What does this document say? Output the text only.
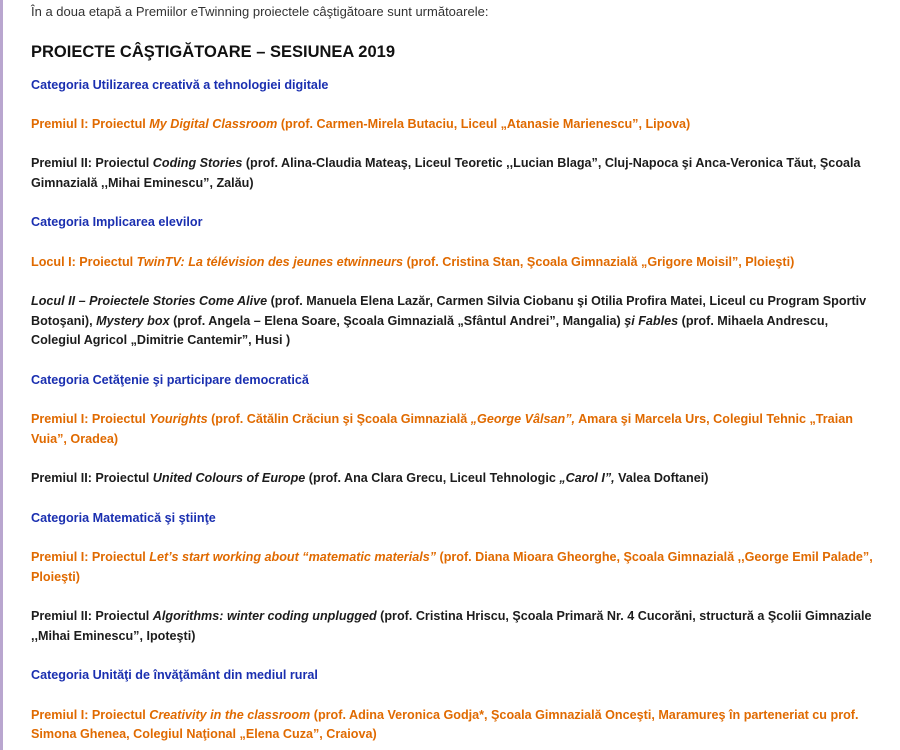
În a doua etapă a Premiilor eTwinning proiectele câştigătoare sunt următoarele:

PROIECTE CÂŞTIGĂTOARE – SESIUNEA 2019

Categoria Utilizarea creativă a tehnologiei digitale

Premiul I: Proiectul My Digital Classroom (prof. Carmen-Mirela Butaciu, Liceul „Atanasie Marienescu”, Lipova)

Premiul II: Proiectul Coding Stories (prof. Alina-Claudia Mateaş, Liceul Teoretic ,,Lucian Blaga”, Cluj-Napoca şi Anca-Veronica Tăut, Şcoala Gimnazială ,,Mihai Eminescu”, Zalău)

Categoria Implicarea elevilor

Locul I: Proiectul TwinTV: La télévision des jeunes etwinneurs (prof. Cristina Stan, Şcoala Gimnazială „Grigore Moisil”, Ploieşti)

Locul II – Proiectele Stories Come Alive (prof. Manuela Elena Lazăr, Carmen Silvia Ciobanu şi Otilia Profira Matei, Liceul cu Program Sportiv Botoşani), Mystery box (prof. Angela – Elena Soare, Şcoala Gimnazială „Sfântul Andrei”, Mangalia) şi Fables (prof. Mihaela Andrescu, Colegiul Agricol „Dimitrie Cantemir”, Husi )

Categoria Cetăţenie şi participare democratică

Premiul I: Proiectul Yourights (prof. Cătălin Crăciun şi Şcoala Gimnazială „George Vâlsan”, Amara şi Marcela Urs, Colegiul Tehnic „Traian Vuia”, Oradea)

Premiul II: Proiectul United Colours of Europe (prof. Ana Clara Grecu, Liceul Tehnologic „Carol I”, Valea Doftanei)

Categoria Matematică şi ştiinţe

Premiul I: Proiectul Let’s start working about “matematic materials” (prof. Diana Mioara Gheorghe, Şcoala Gimnazială ,,George Emil Palade”, Ploieşti)

Premiul II: Proiectul Algorithms: winter coding unplugged (prof. Cristina Hriscu, Şcoala Primară Nr. 4 Cucorăni, structură a Şcolii Gimnaziale ,,Mihai Eminescu”, Ipoteşti)

Categoria Unităţi de învăţământ din mediul rural

Premiul I: Proiectul Creativity in the classroom (prof. Adina Veronica Godja*, Şcoala Gimnazială Onceşti, Maramureş în parteneriat cu prof. Simona Ghenea, Colegiul Naţional „Elena Cuza”, Craiova)
